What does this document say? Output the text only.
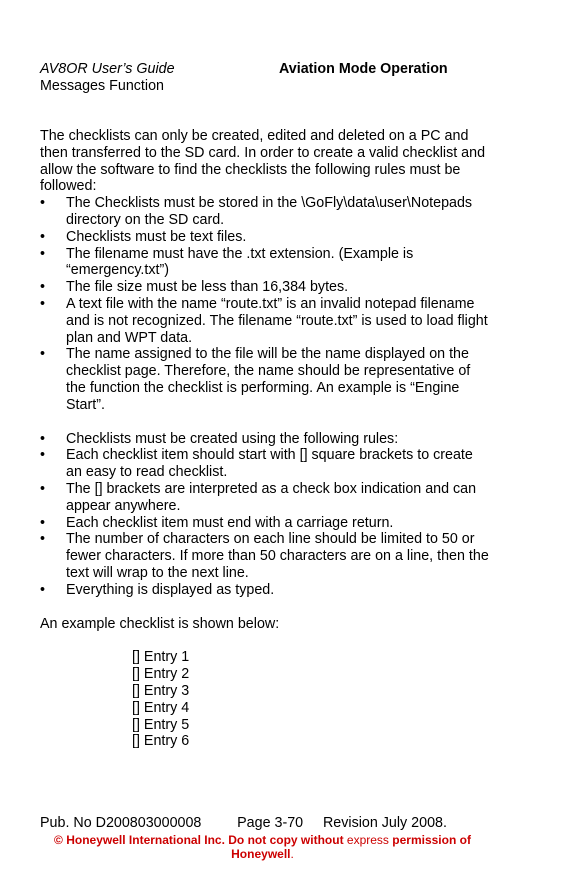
AV8OR User’s Guide	Aviation Mode Operation
Messages Function

The checklists can only be created, edited and deleted on a PC and then transferred to the SD card. In order to create a valid checklist and allow the software to find the checklists the following rules must be followed:

• The Checklists must be stored in the \GoFly\data\user\Notepads directory on the SD card.
• Checklists must be text files.
• The filename must have the .txt extension. (Example is “emergency.txt”)
• The file size must be less than 16,384 bytes.
• A text file with the name “route.txt” is an invalid notepad filename and is not recognized. The filename “route.txt” is used to load flight plan and WPT data.
• The name assigned to the file will be the name displayed on the checklist page. Therefore, the name should be representative of the function the checklist is performing. An example is “Engine Start”.
• Checklists must be created using the following rules:
• Each checklist item should start with [] square brackets to create an easy to read checklist.
• The [] brackets are interpreted as a check box indication and can appear anywhere.
• Each checklist item must end with a carriage return.
• The number of characters on each line should be limited to 50 or fewer characters. If more than 50 characters are on a line, then the text will wrap to the next line.
• Everything is displayed as typed.

An example checklist is shown below:

[] Entry 1
[] Entry 2
[] Entry 3
[] Entry 4
[] Entry 5
[] Entry 6
Pub. No D200803000008	Page 3-70 Revision July 2008.
© Honeywell International Inc. Do not copy without express permission of Honeywell.
